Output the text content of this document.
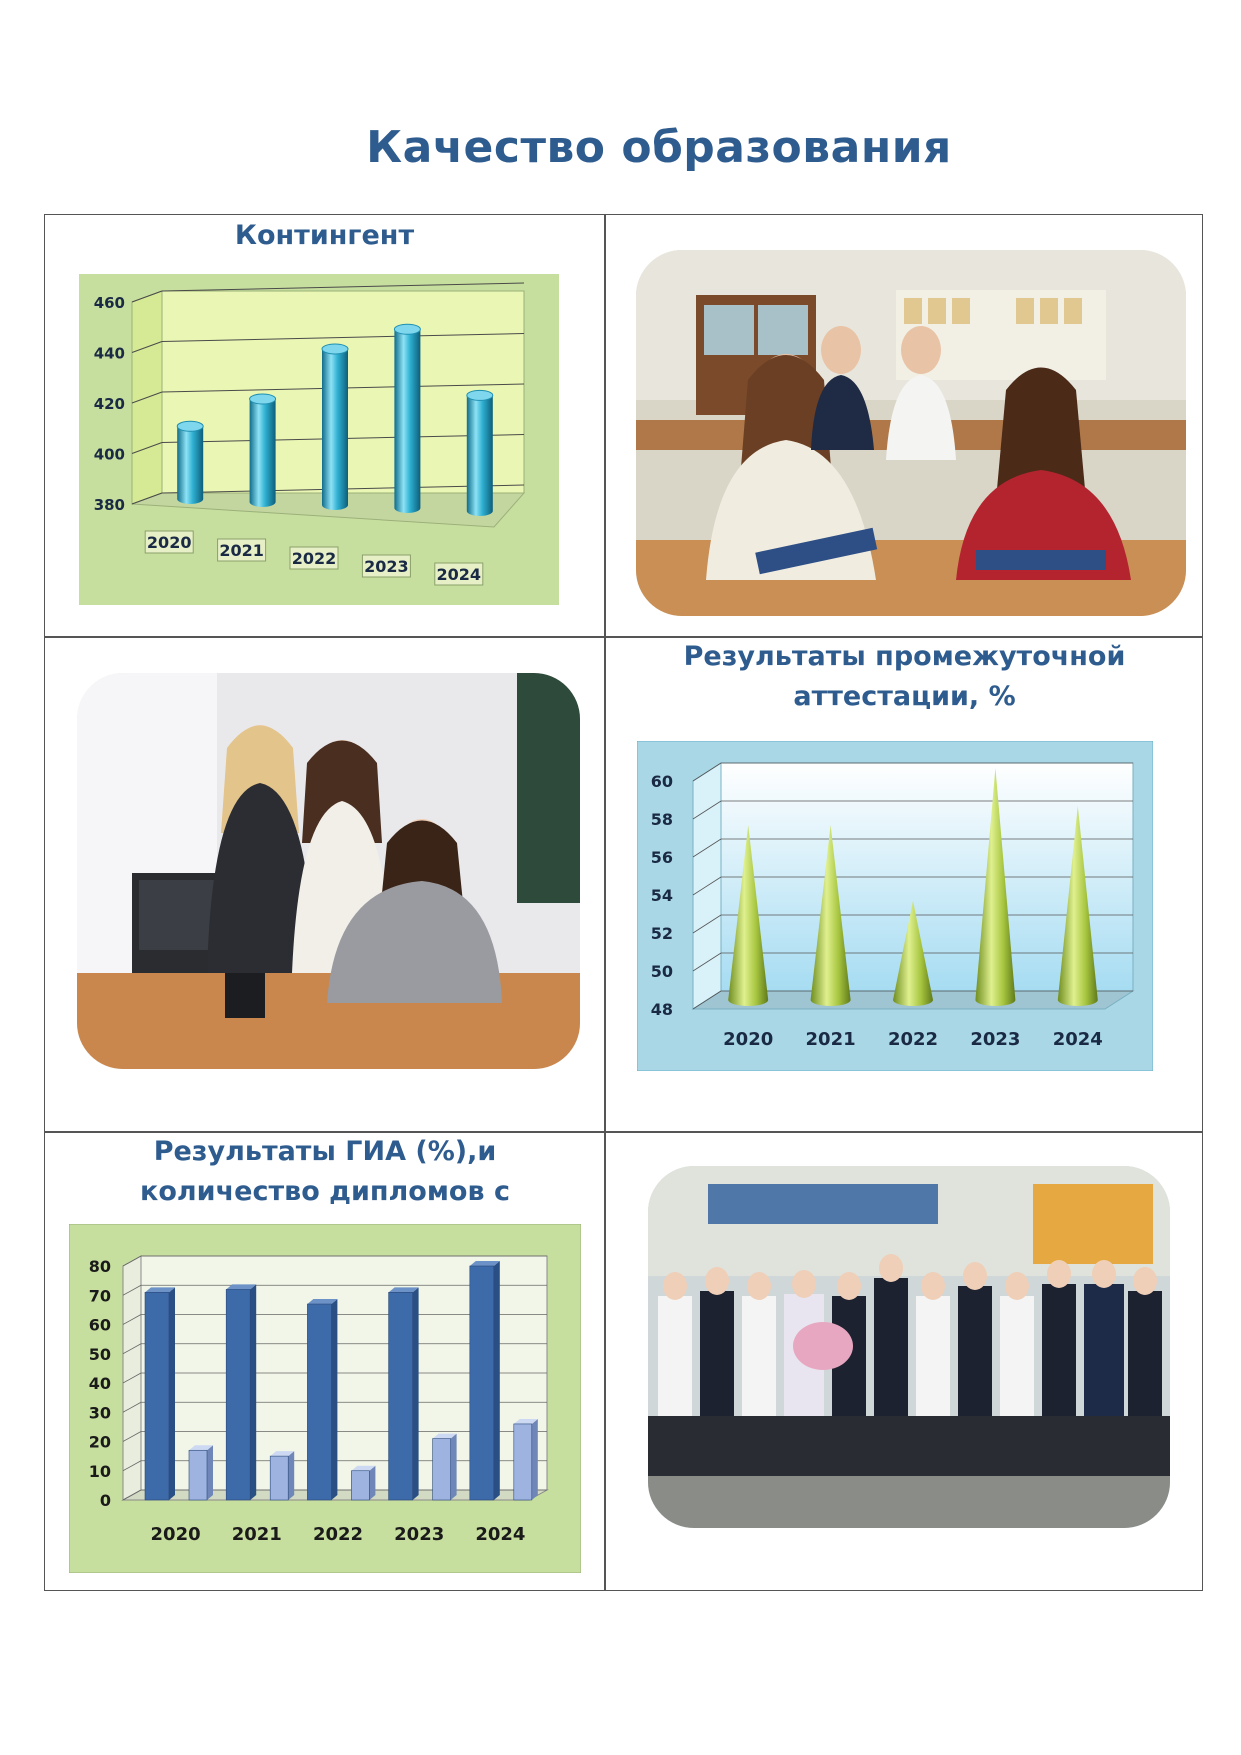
Качество образования
Контингент
460
440
420
400
380
2020 2021 2022 2023 2024
Результаты промежуточной аттестации, %
60
58
56
54
52
50
48
2020 2021 2022 2023 2024
Результаты ГИА (%),и количество дипломов с
80
70
60
50
40
30
20
10
0
2020 2021 2022 2023 2024
